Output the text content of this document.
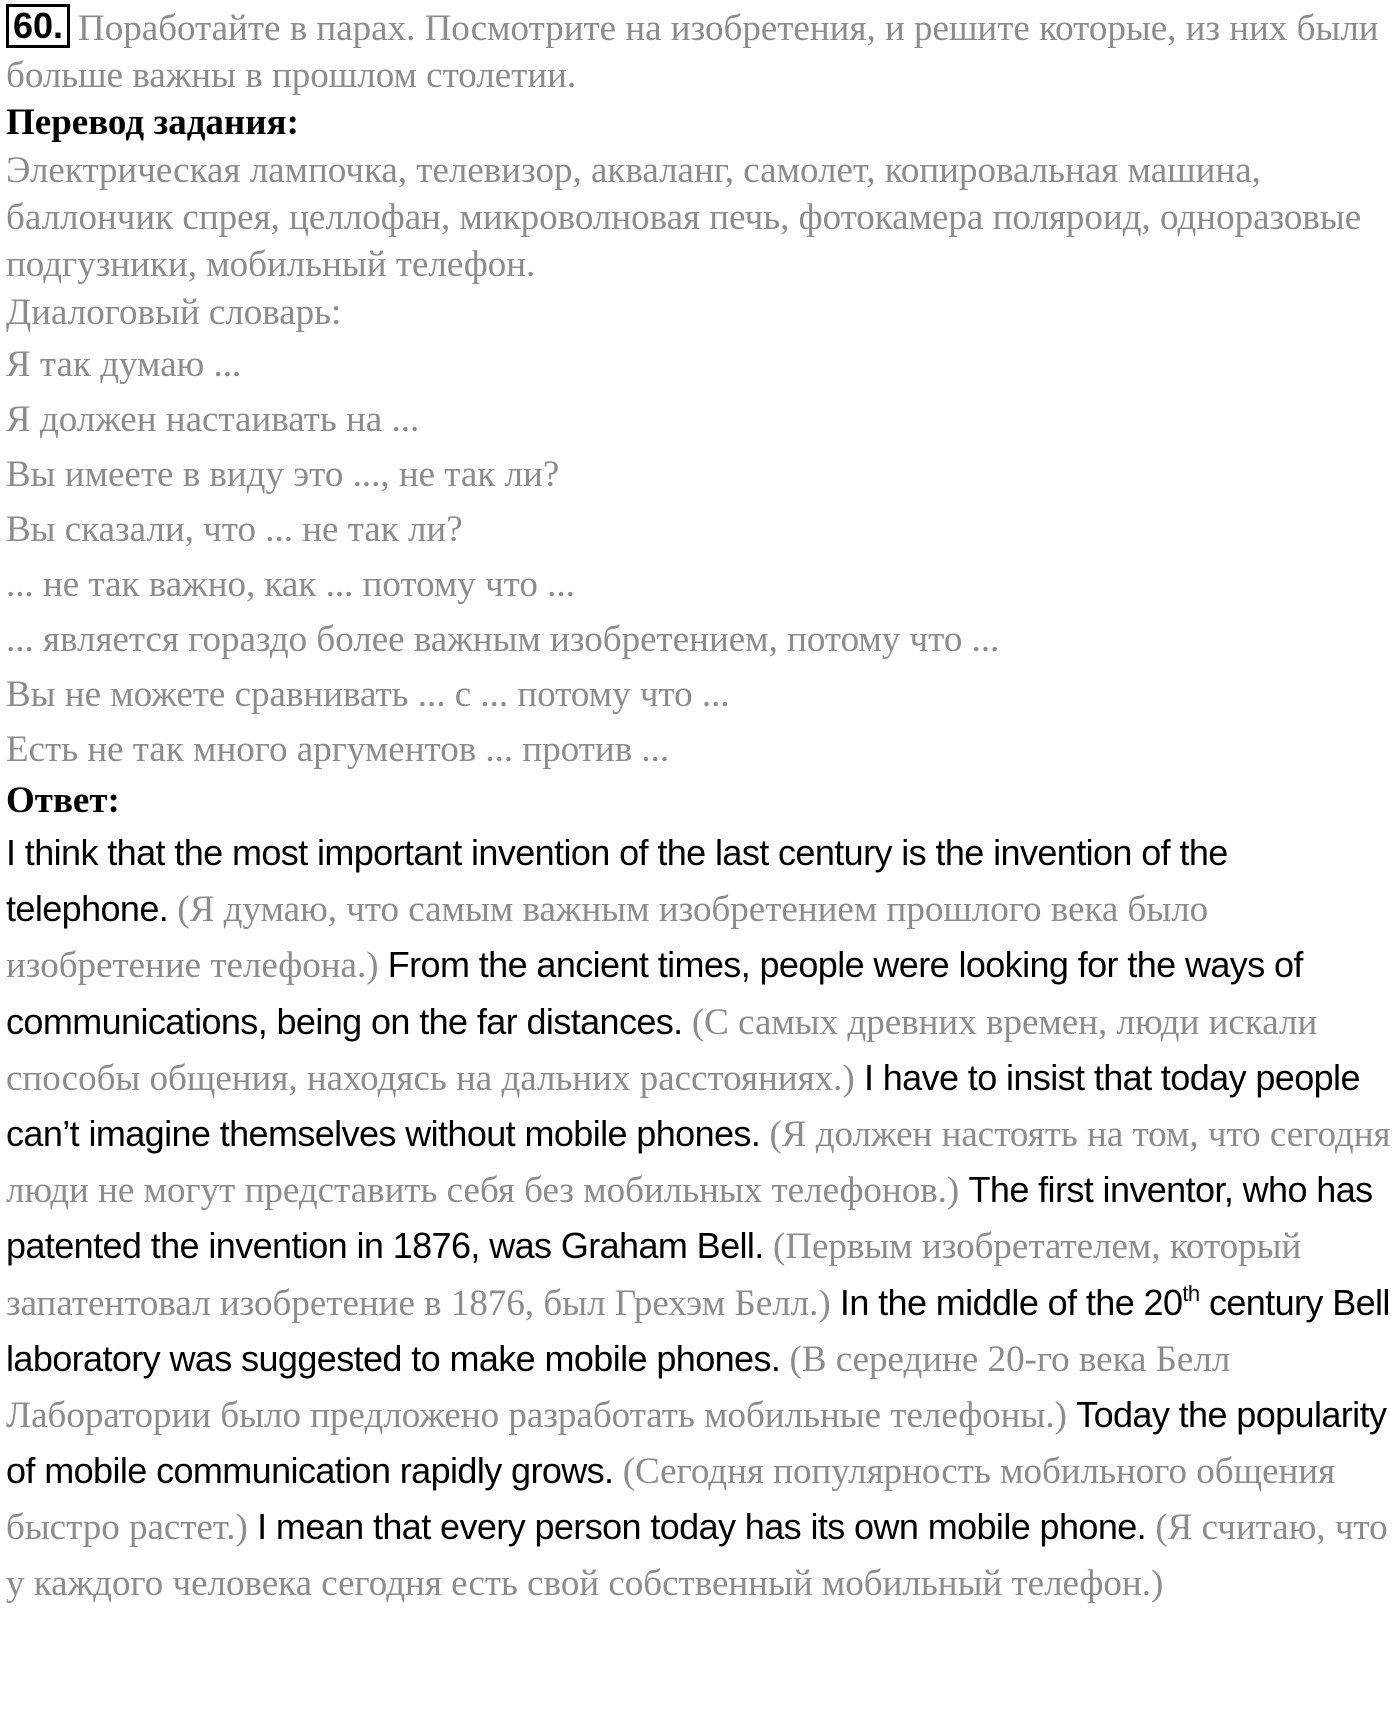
60. Поработайте в парах. Посмотрите на изобретения, и решите которые, из них были больше важны в прошлом столетии.

Перевод задания:

Электрическая лампочка, телевизор, акваланг, самолет, копировальная машина, баллончик спрея, целлофан, микроволновая печь, фотокамера поляроид, одноразовые подгузники, мобильный телефон.

Диалоговый словарь:

Я так думаю ...
Я должен настаивать на ...
Вы имеете в виду это ..., не так ли?
Вы сказали, что ... не так ли?
... не так важно, как ... потому что ...
... является гораздо более важным изобретением, потому что ...
Вы не можете сравнивать ... с ... потому что ...
Есть не так много аргументов ... против ...

Ответ:

I think that the most important invention of the last century is the invention of the telephone. (Я думаю, что самым важным изобретением прошлого века было изобретение телефона.) From the ancient times, people were looking for the ways of communications, being on the far distances. (С самых древних времен, люди искали способы общения, находясь на дальних расстояниях.) I have to insist that today people can’t imagine themselves without mobile phones. (Я должен настоять на том, что сегодня люди не могут представить себя без мобильных телефонов.) The first inventor, who has patented the invention in 1876, was Graham Bell. (Первым изобретателем, который запатентовал изобретение в 1876, был Грехэм Белл.) In the middle of the 20th century Bell laboratory was suggested to make mobile phones. (В середине 20-го века Белл Лаборатории было предложено разработать мобильные телефоны.) Today the popularity of mobile communication rapidly grows. (Сегодня популярность мобильного общения быстро растет.) I mean that every person today has its own mobile phone. (Я считаю, что у каждого человека сегодня есть свой собственный мобильный телефон.)
